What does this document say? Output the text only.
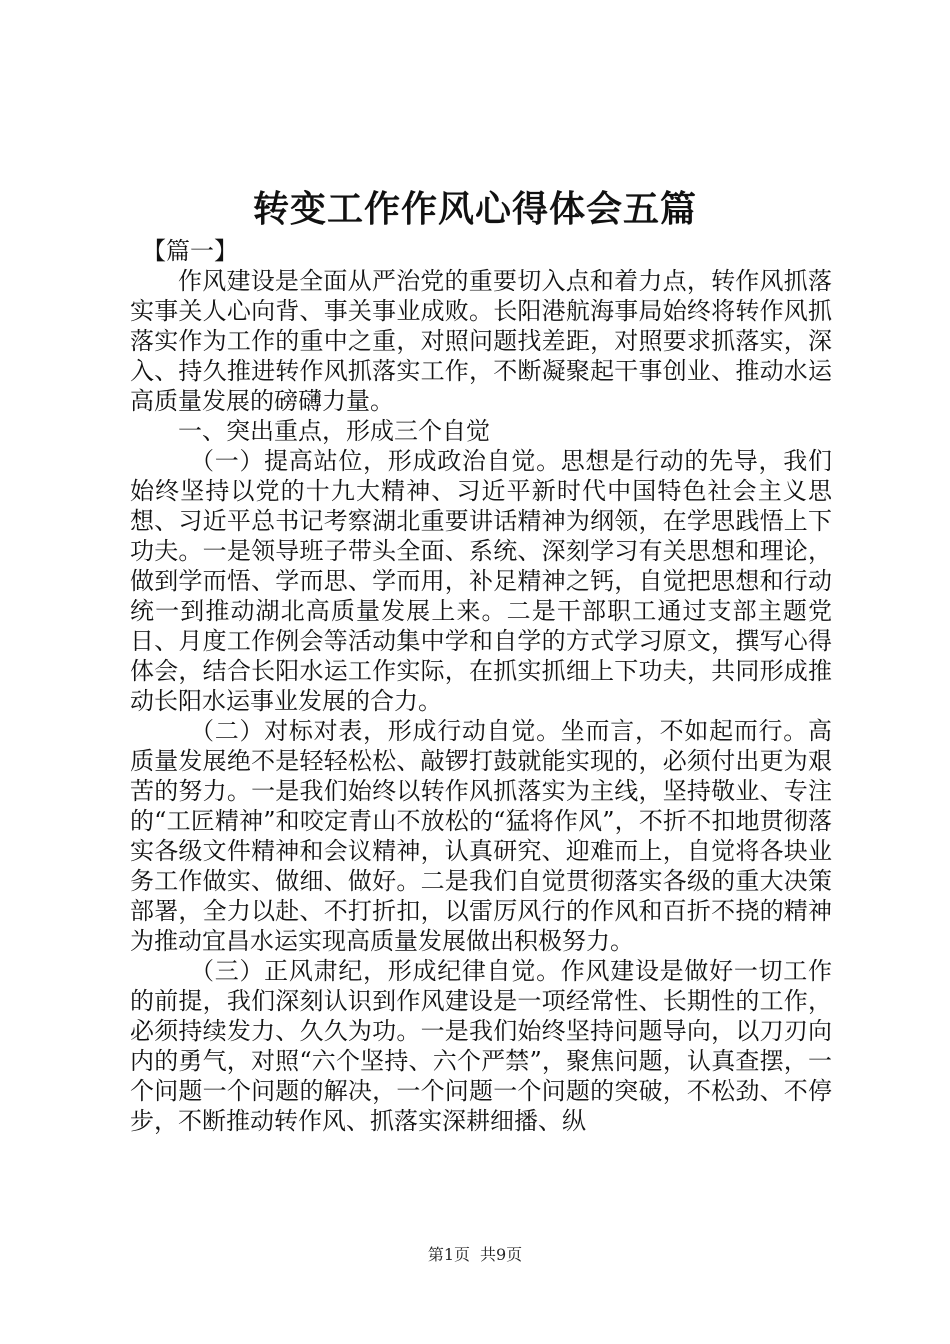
转变工作作风心得体会五篇

【篇一】

作风建设是全面从严治党的重要切入点和着力点，转作风抓落实事关人心向背、事关事业成败。长阳港航海事局始终将转作风抓落实作为工作的重中之重，对照问题找差距，对照要求抓落实，深入、持久推进转作风抓落实工作，不断凝聚起干事创业、推动水运高质量发展的磅礴力量。

一、突出重点，形成三个自觉

（一）提高站位，形成政治自觉。思想是行动的先导，我们始终坚持以党的十九大精神、习近平新时代中国特色社会主义思想、习近平总书记考察湖北重要讲话精神为纲领，在学思践悟上下功夫。一是领导班子带头全面、系统、深刻学习有关思想和理论，做到学而悟、学而思、学而用，补足精神之钙，自觉把思想和行动统一到推动湖北高质量发展上来。二是干部职工通过支部主题党日、月度工作例会等活动集中学和自学的方式学习原文，撰写心得体会，结合长阳水运工作实际，在抓实抓细上下功夫，共同形成推动长阳水运事业发展的合力。

（二）对标对表，形成行动自觉。坐而言，不如起而行。高质量发展绝不是轻轻松松、敲锣打鼓就能实现的，必须付出更为艰苦的努力。一是我们始终以转作风抓落实为主线，坚持敬业、专注的“工匠精神”和咬定青山不放松的“猛将作风”，不折不扣地贯彻落实各级文件精神和会议精神，认真研究、迎难而上，自觉将各块业务工作做实、做细、做好。二是我们自觉贯彻落实各级的重大决策部署，全力以赴、不打折扣，以雷厉风行的作风和百折不挠的精神为推动宜昌水运实现高质量发展做出积极努力。

（三）正风肃纪，形成纪律自觉。作风建设是做好一切工作的前提，我们深刻认识到作风建设是一项经常性、长期性的工作，必须持续发力、久久为功。一是我们始终坚持问题导向，以刀刃向内的勇气，对照“六个坚持、六个严禁”，聚焦问题，认真查摆，一个问题一个问题的解决，一个问题一个问题的突破，不松劲、不停步，不断推动转作风、抓落实深耕细播、纵

第1页 共9页
